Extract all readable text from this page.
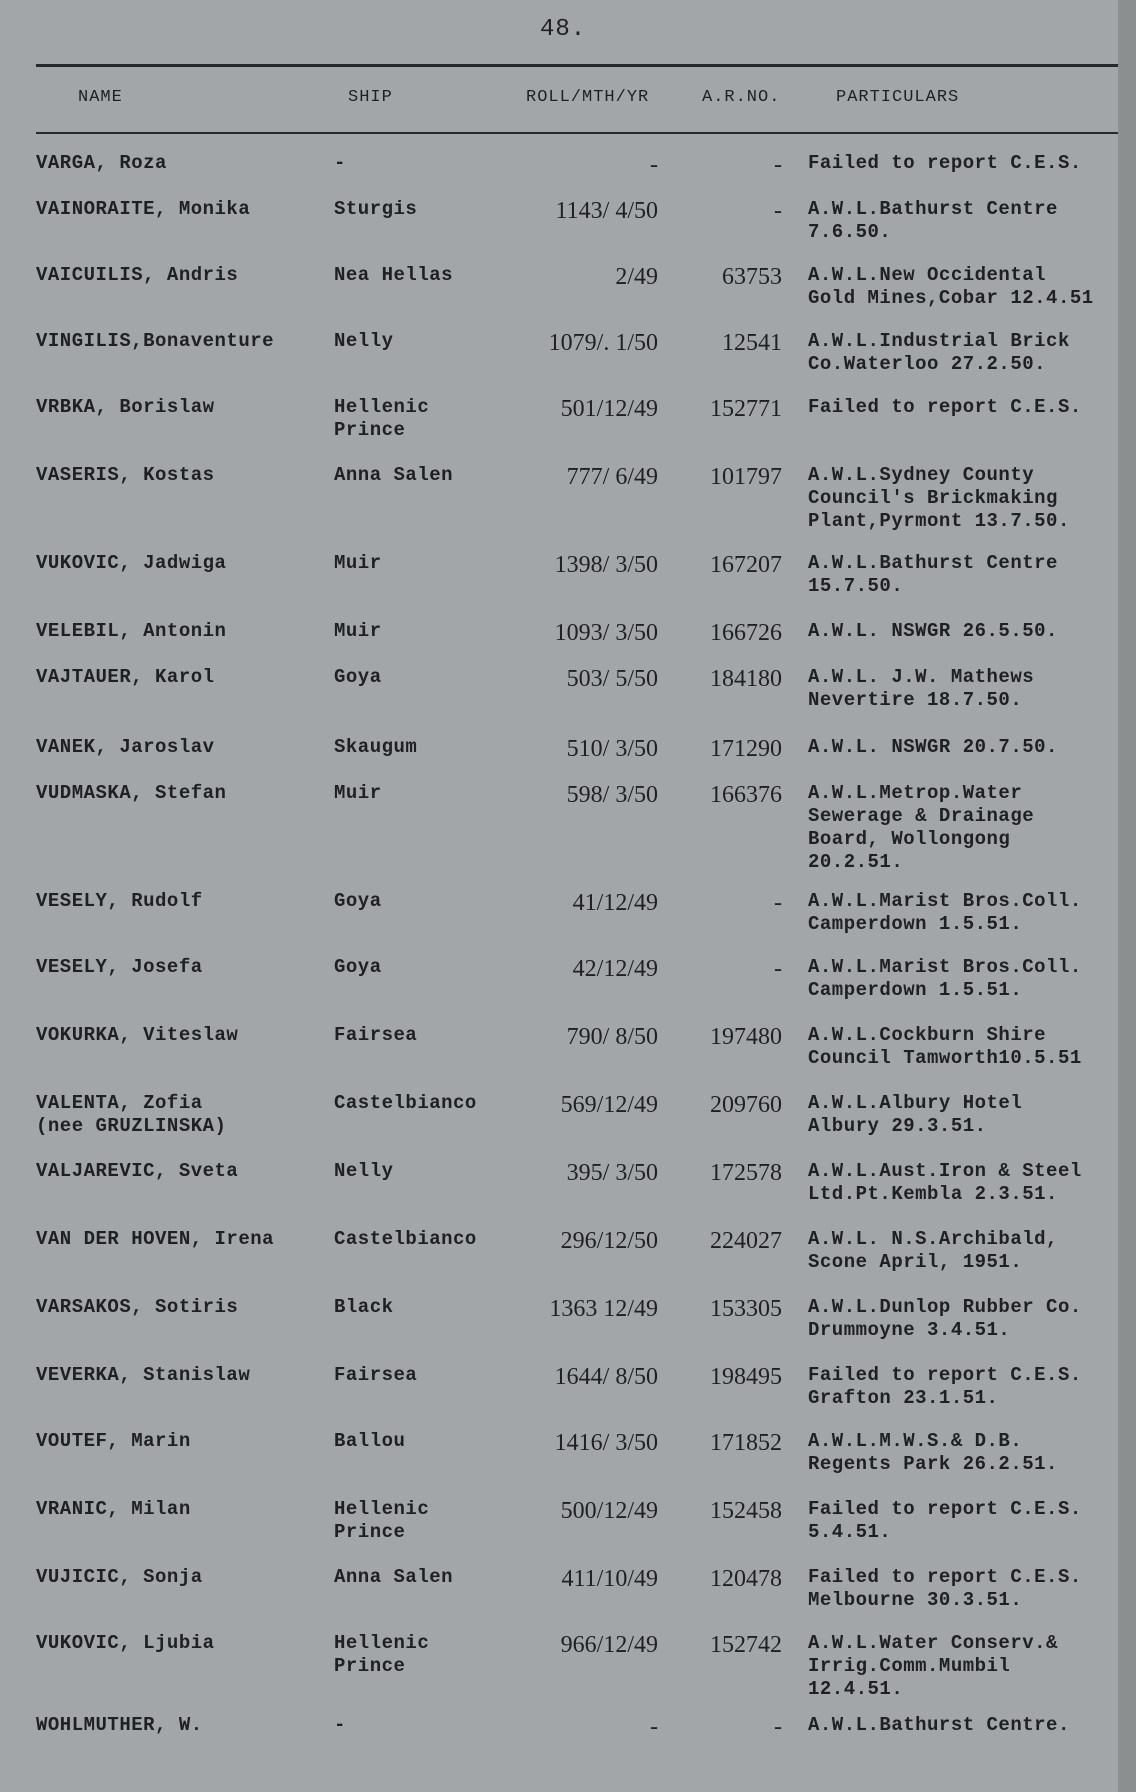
48.
NAME	SHIP	ROLL/MTH/YR	A.R.NO.	PARTICULARS
VARGA, Roza	-	-	- Failed to report C.E.S.
VAINORAITE, Monika	Sturgis	1143/ 4/50	- A.W.L.Bathurst Centre
7.6.50.
VAICUILIS, Andris	Nea Hellas	2/49	63753 A.W.L.New Occidental
Gold Mines,Cobar 12.4.51
VINGILIS,Bonaventure	Nelly	1079/. 1/50	12541 A.W.L.Industrial Brick
Co.Waterloo 27.2.50.
VRBKA, Borislaw	Hellenic
Prince
501/12/49 152771 Failed to report C.E.S.
VASERIS, Kostas	Anna Salen	777/ 6/49 101797 A.W.L.Sydney County
Council's Brickmaking
Plant,Pyrmont 13.7.50.
VUKOVIC, Jadwiga	Muir	1398/ 3/50 167207 A.W.L.Bathurst Centre
15.7.50.
VELEBIL, Antonin	Muir	1093/ 3/50 166726 A.W.L. NSWGR 26.5.50.
VAJTAUER, Karol	Goya	503/ 5/50 184180 A.W.L. J.W. Mathews
Nevertire 18.7.50.
VANEK, Jaroslav	Skaugum	510/ 3/50 171290 A.W.L. NSWGR 20.7.50.
VUDMASKA, Stefan	Muir	598/ 3/50 166376 A.W.L.Metrop.Water
Sewerage & Drainage
Board, Wollongong
20.2.51.
VESELY, Rudolf	Goya	41/12/49	- A.W.L.Marist Bros.Coll.
Camperdown 1.5.51.
VESELY, Josefa	Goya	42/12/49	- A.W.L.Marist Bros.Coll.
Camperdown 1.5.51.
VOKURKA, Viteslaw	Fairsea	790/ 8/50 197480 A.W.L.Cockburn Shire
Council Tamworth10.5.51
VALENTA, Zofia
(nee GRUZLINSKA)
Castelbianco	569/12/49 209760 A.W.L.Albury Hotel
Albury 29.3.51.
VALJAREVIC, Sveta	Nelly	395/ 3/50 172578 A.W.L.Aust.Iron & Steel
Ltd.Pt.Kembla 2.3.51.
VAN DER HOVEN, Irena	Castelbianco	296/12/50 224027 A.W.L. N.S.Archibald,
Scone April, 1951.
VARSAKOS, Sotiris	Black	1363 12/49 153305 A.W.L.Dunlop Rubber Co.
Drummoyne 3.4.51.
VEVERKA, Stanislaw	Fairsea	1644/ 8/50 198495 Failed to report C.E.S.
Grafton 23.1.51.
VOUTEF, Marin	Ballou	1416/ 3/50 171852 A.W.L.M.W.S.& D.B.
Regents Park 26.2.51.
VRANIC, Milan	Hellenic
Prince
500/12/49 152458 Failed to report C.E.S.
5.4.51.
VUJICIC, Sonja	Anna Salen	411/10/49 120478 Failed to report C.E.S.
Melbourne 30.3.51.
VUKOVIC, Ljubia	Hellenic
Prince
966/12/49 152742 A.W.L.Water Conserv.&
Irrig.Comm.Mumbil
12.4.51.
WOHLMUTHER, W.	-	-	- A.W.L.Bathurst Centre.
